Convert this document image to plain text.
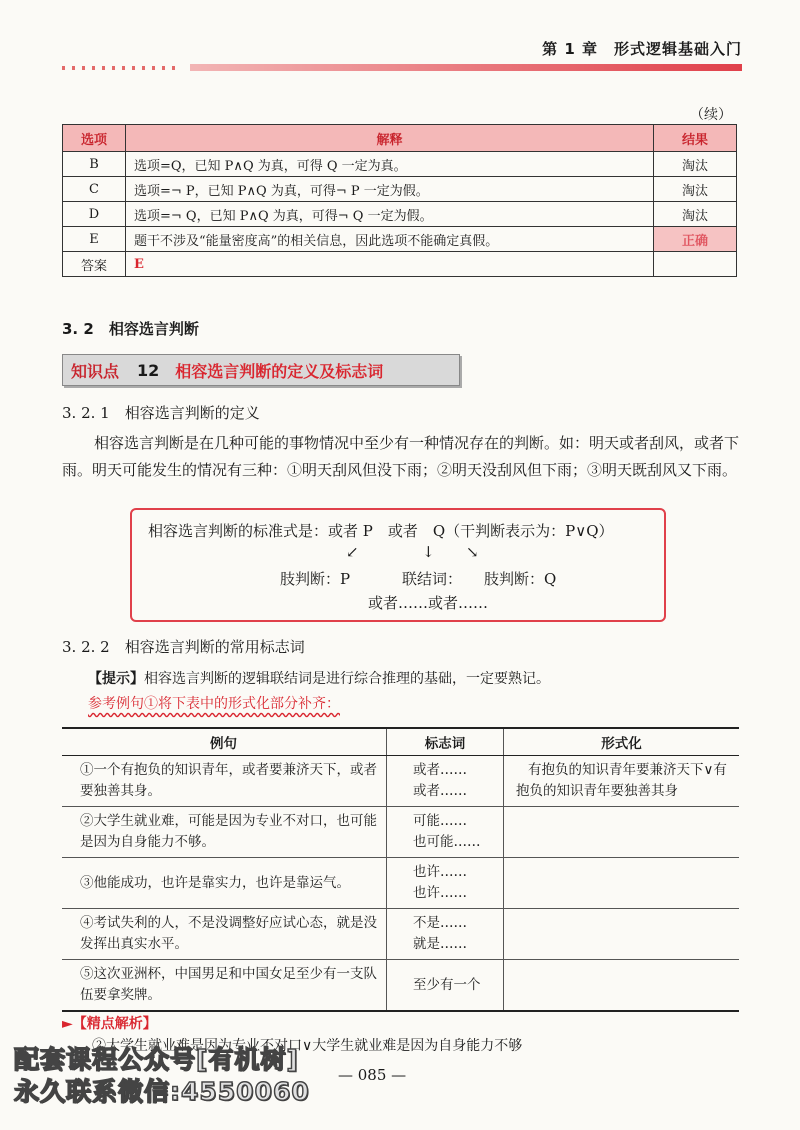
第 1 章　形式逻辑基础入门
（续）
选项	解释	结果
B	选项=Q，已知 P∧Q 为真，可得 Q 一定为真。	淘汰
C	选项=¬ P，已知 P∧Q 为真，可得¬ P 一定为假。	淘汰
D	选项=¬ Q，已知 P∧Q 为真，可得¬ Q 一定为假。	淘汰
E	题干不涉及“能量密度高”的相关信息，因此选项不能确定真假。	正确
答案	E	
3. 2　 相容选言判断
知识点	12	相容选言判断的定义及标志词
3. 2. 1　 相容选言判断的定义

相容选言判断是在几种可能的事物情况中至少有一种情况存在的判断。如：明天或者刮风，或者下雨。明天可能发生的情况有三种：①明天刮风但没下雨；②明天没刮风但下雨；③明天既刮风又下雨。

相容选言判断的标准式是：或者 P　或者　Q（干判断表示为：P∨Q）
↙	↓ ↘
肢判断：P	联结词： 肢判断：Q
或者……或者……
3. 2. 2　 相容选言判断的常用标志词
【提示】相容选言判断的逻辑联结词是进行综合推理的基础，一定要熟记。
参考例句①将下表中的形式化部分补齐：
例句	标志词	形式化
①一个有抱负的知识青年，或者要兼济天下，或者要独善其身。	或者……
或者……	有抱负的知识青年要兼济天下∨有抱负的知识青年要独善其身
②大学生就业难，可能是因为专业不对口，也可能是因为自身能力不够。	可能……
也可能……	
③他能成功，也许是靠实力，也许是靠运气。	也许……
也许……	
④考试失利的人，不是没调整好应试心态，就是没发挥出真实水平。	不是……
就是……	
⑤这次亚洲杯，中国男足和中国女足至少有一支队伍要拿奖牌。	至少有一个	
►【精点解析】
②大学生就业难是因为专业不对口∨大学生就业难是因为自身能力不够
— 085 —
配套课程公众号[有机树]
永久联系微信:4550060
